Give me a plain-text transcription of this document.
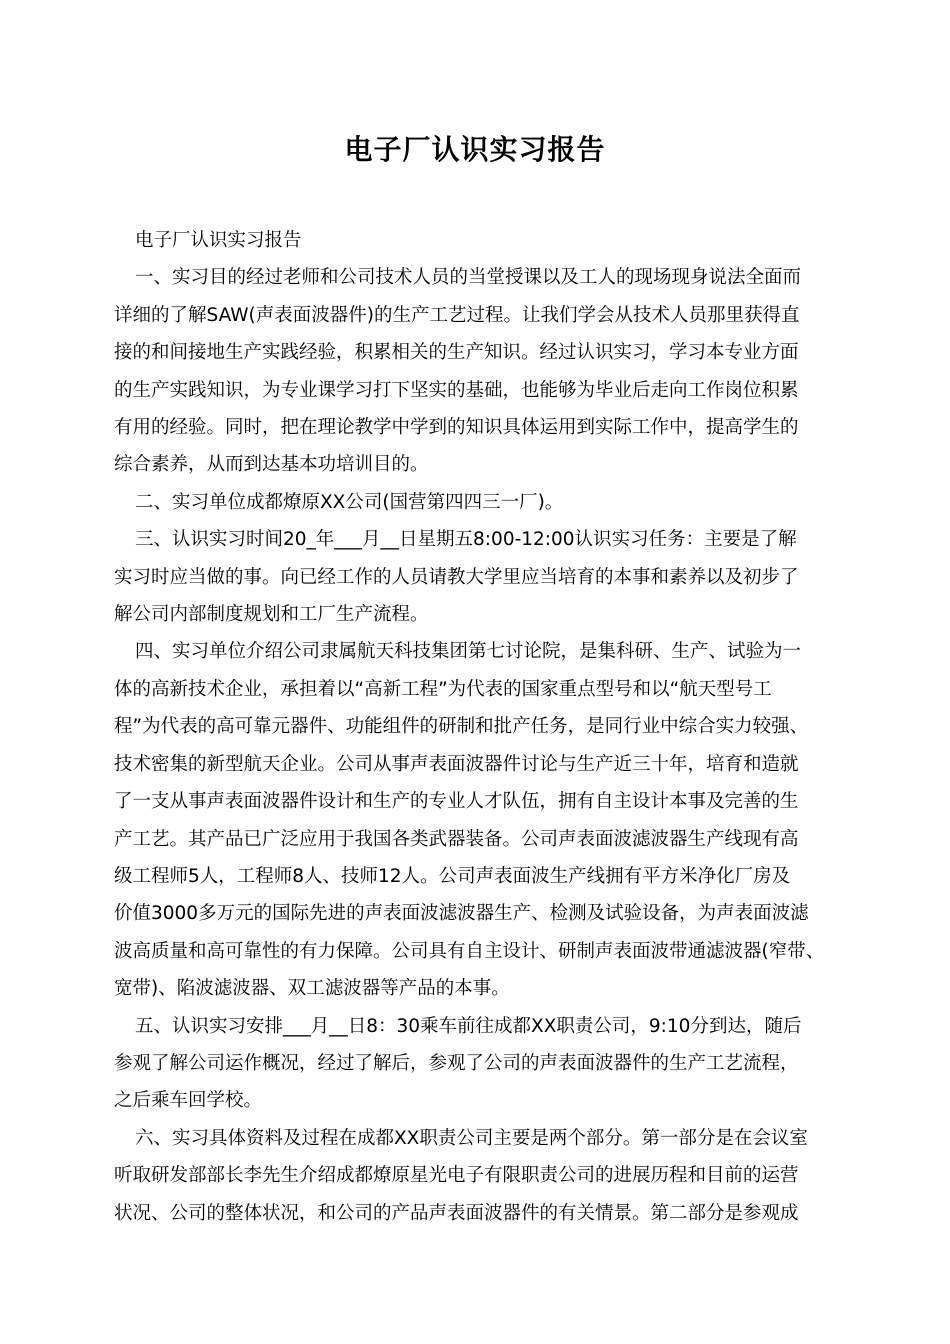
电子厂认识实习报告
电子厂认识实习报告
一、实习目的经过老师和公司技术人员的当堂授课以及工人的现场现身说法全面而
详细的了解SAW(声表面波器件)的生产工艺过程。让我们学会从技术人员那里获得直
接的和间接地生产实践经验，积累相关的生产知识。经过认识实习，学习本专业方面
的生产实践知识，为专业课学习打下坚实的基础，也能够为毕业后走向工作岗位积累
有用的经验。同时，把在理论教学中学到的知识具体运用到实际工作中，提高学生的
综合素养，从而到达基本功培训目的。
二、实习单位成都燎原XX公司(国营第四四三一厂)。
三、认识实习时间20_年___月__日星期五8:00-12:00认识实习任务：主要是了解
实习时应当做的事。向已经工作的人员请教大学里应当培育的本事和素养以及初步了
解公司内部制度规划和工厂生产流程。
四、实习单位介绍公司隶属航天科技集团第七讨论院，是集科研、生产、试验为一
体的高新技术企业，承担着以“高新工程”为代表的国家重点型号和以“航天型号工
程”为代表的高可靠元器件、功能组件的研制和批产任务，是同行业中综合实力较强、
技术密集的新型航天企业。公司从事声表面波器件讨论与生产近三十年，培育和造就
了一支从事声表面波器件设计和生产的专业人才队伍，拥有自主设计本事及完善的生
产工艺。其产品已广泛应用于我国各类武器装备。公司声表面波滤波器生产线现有高
级工程师5人，工程师8人、技师12人。公司声表面波生产线拥有平方米净化厂房及
价值3000多万元的国际先进的声表面波滤波器生产、检测及试验设备，为声表面波滤
波高质量和高可靠性的有力保障。公司具有自主设计、研制声表面波带通滤波器(窄带、
宽带)、陷波滤波器、双工滤波器等产品的本事。
五、认识实习安排___月__日8：30乘车前往成都XX职责公司，9:10分到达，随后
参观了解公司运作概况，经过了解后，参观了公司的声表面波器件的生产工艺流程，
之后乘车回学校。
六、实习具体资料及过程在成都XX职责公司主要是两个部分。第一部分是在会议室
听取研发部部长李先生介绍成都燎原星光电子有限职责公司的进展历程和目前的运营
状况、公司的整体状况，和公司的产品声表面波器件的有关情景。第二部分是参观成
